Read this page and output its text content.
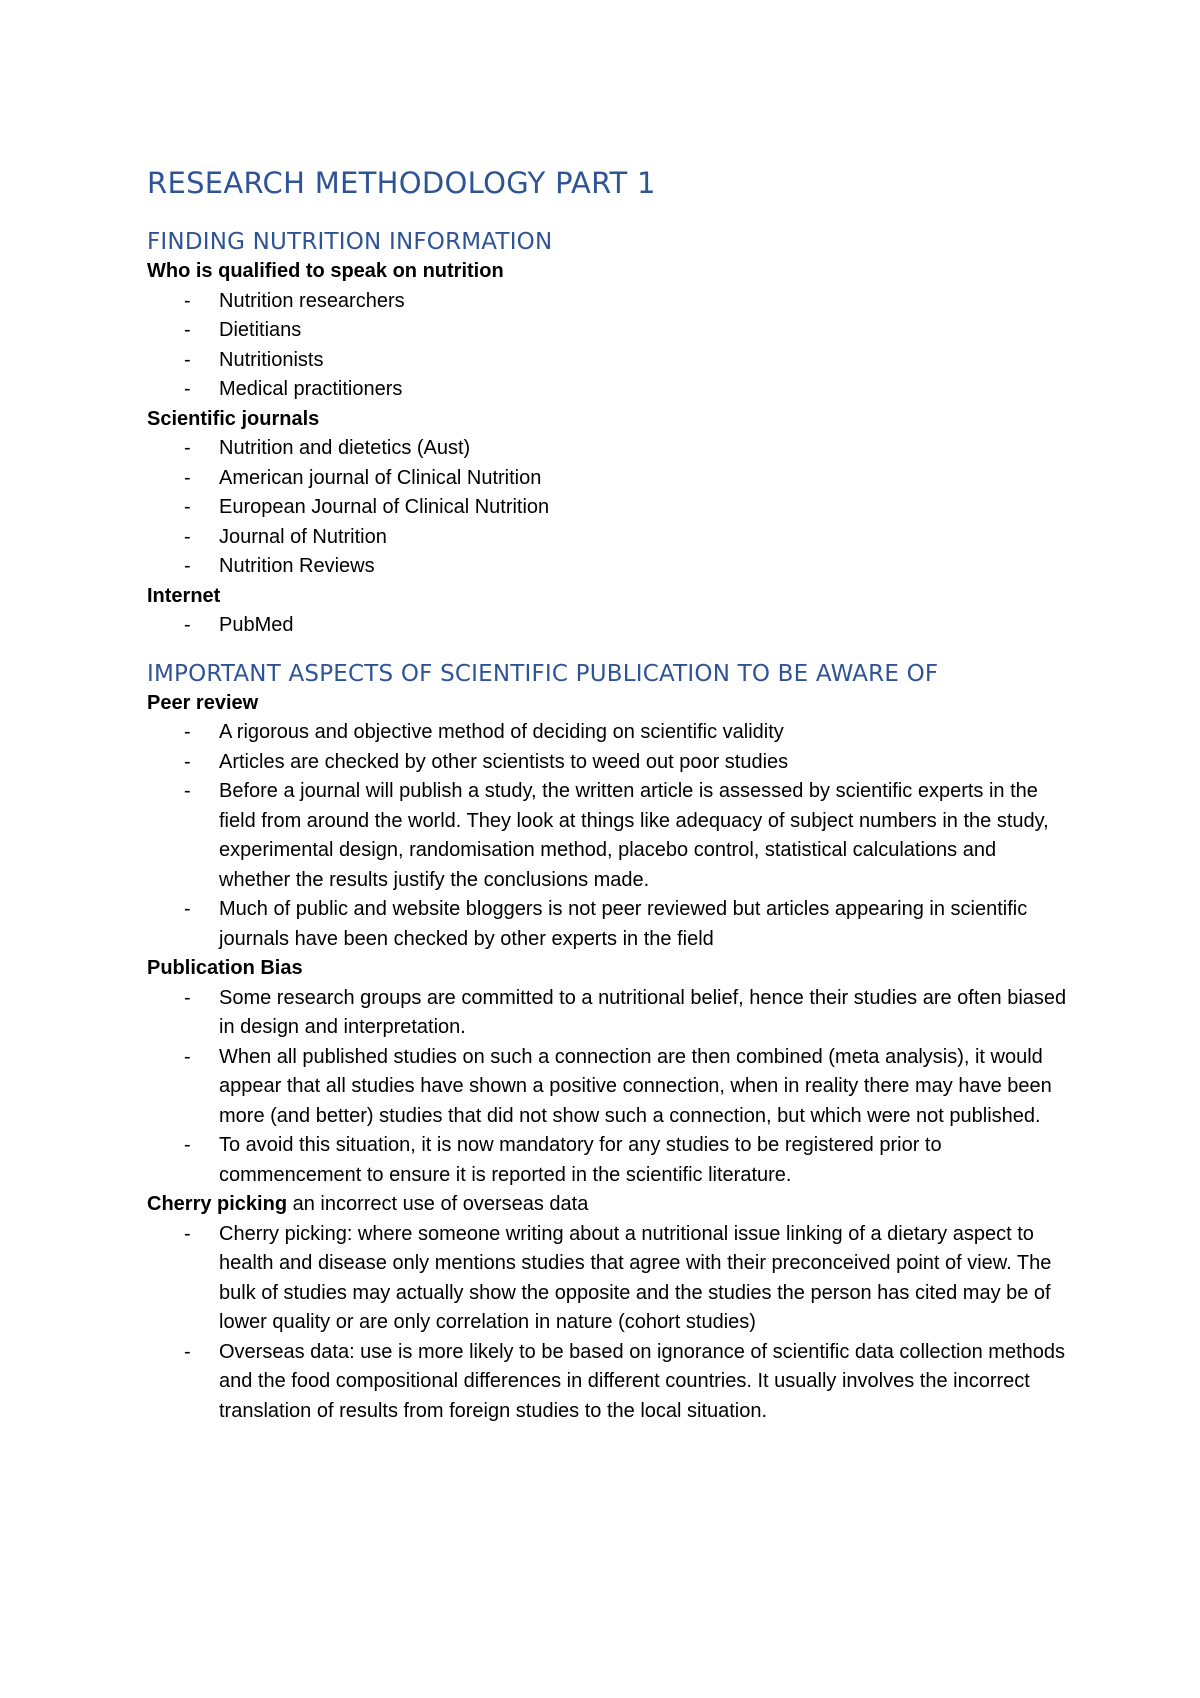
RESEARCH METHODOLOGY PART 1
FINDING NUTRITION INFORMATION

Who is qualified to speak on nutrition

- Nutrition researchers
- Dietitians
- Nutritionists
- Medical practitioners

Scientific journals

- Nutrition and dietetics (Aust)
- American journal of Clinical Nutrition
- European Journal of Clinical Nutrition
- Journal of Nutrition
- Nutrition Reviews

Internet

- PubMed
IMPORTANT ASPECTS OF SCIENTIFIC PUBLICATION TO BE AWARE OF

Peer review

- A rigorous and objective method of deciding on scientific validity
- Articles are checked by other scientists to weed out poor studies
- Before a journal will publish a study, the written article is assessed by scientific experts in the field from around the world. They look at things like adequacy of subject numbers in the study, experimental design, randomisation method, placebo control, statistical calculations and whether the results justify the conclusions made.
- Much of public and website bloggers is not peer reviewed but articles appearing in scientific journals have been checked by other experts in the field

Publication Bias

- Some research groups are committed to a nutritional belief, hence their studies are often biased in design and interpretation.
- When all published studies on such a connection are then combined (meta analysis), it would appear that all studies have shown a positive connection, when in reality there may have been more (and better) studies that did not show such a connection, but which were not published.
- To avoid this situation, it is now mandatory for any studies to be registered prior to commencement to ensure it is reported in the scientific literature.

Cherry picking an incorrect use of overseas data

- Cherry picking: where someone writing about a nutritional issue linking of a dietary aspect to health and disease only mentions studies that agree with their preconceived point of view. The bulk of studies may actually show the opposite and the studies the person has cited may be of lower quality or are only correlation in nature (cohort studies)
- Overseas data: use is more likely to be based on ignorance of scientific data collection methods and the food compositional differences in different countries. It usually involves the incorrect translation of results from foreign studies to the local situation.
